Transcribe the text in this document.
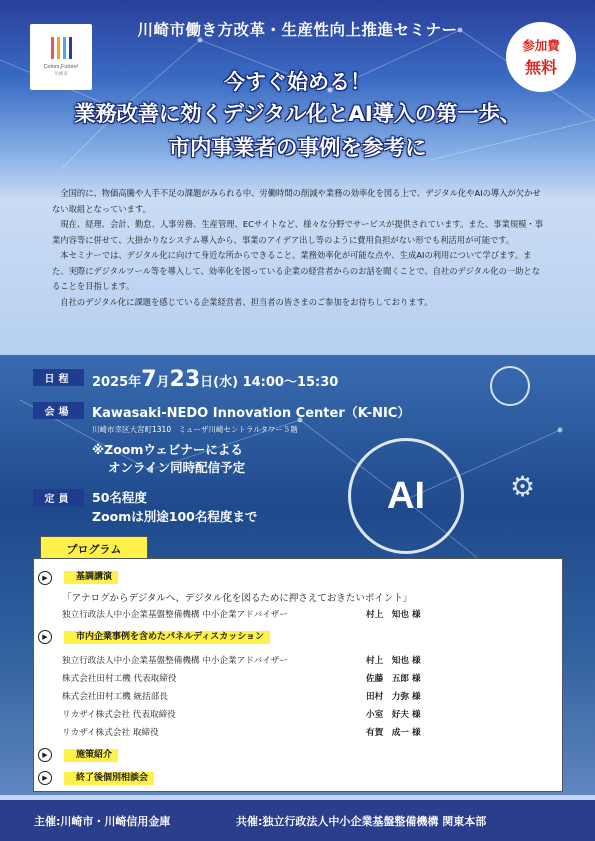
川崎市働き方改革・生産性向上推進セミナー
Colors,Future!
川崎市
参加費
無料
今すぐ始める！
業務改善に効くデジタル化とAI導入の第一歩、
市内事業者の事例を参考に

全国的に、物価高騰や人手不足の課題がみられる中、労働時間の削減や業務の効率化を図る上で、デジタル化やAIの導入が欠かせない取組となっています。

現在、経理、会計、勤怠、人事労務、生産管理、ECサイトなど、様々な分野でサービスが提供されています。また、事業規模・事業内容等に併せて、大掛かりなシステム導入から、事業のアイデア出し等のように費用負担がない形でも利活用が可能です。

本セミナーでは、デジタル化に向けて身近な所からできること、業務効率化が可能な点や、生成AIの利用について学びます。また、実際にデジタルツール等を導入して、効率化を図っている企業の経営者からのお話を聞くことで、自社のデジタル化の一助となることを目指します。

自社のデジタル化に課題を感じている企業経営者、担当者の皆さまのご参加をお待ちしております。

日程	2025年7月23日(水) 14:00〜15:30
会場	Kawasaki-NEDO Innovation Center（K-NIC）
川崎市幸区大宮町1310　ミューザ川崎セントラルタワー５階
※Zoomウェビナーによる
オンライン同時配信予定
定員	50名程度
Zoomは別途100名程度まで	AI	⚙
プログラム
▶	基調講演
「アナログからデジタルへ、デジタル化を図るために押さえておきたいポイント」
独立行政法人中小企業基盤整備機構 中小企業アドバイザー	村上　知也 様
▶	市内企業事例を含めたパネルディスカッション
独立行政法人中小企業基盤整備機構 中小企業アドバイザー	村上　知也 様
株式会社田村工機 代表取締役	佐藤　五郎 様
株式会社田村工機 統括部長	田村　力弥 様
リカザイ株式会社 代表取締役	小室　好夫 様
リカザイ株式会社 取締役	有賀　成一 様
▶	施策紹介
▶	終了後個別相談会
主催:川崎市・川崎信用金庫	共催:独立行政法人中小企業基盤整備機構 関東本部
